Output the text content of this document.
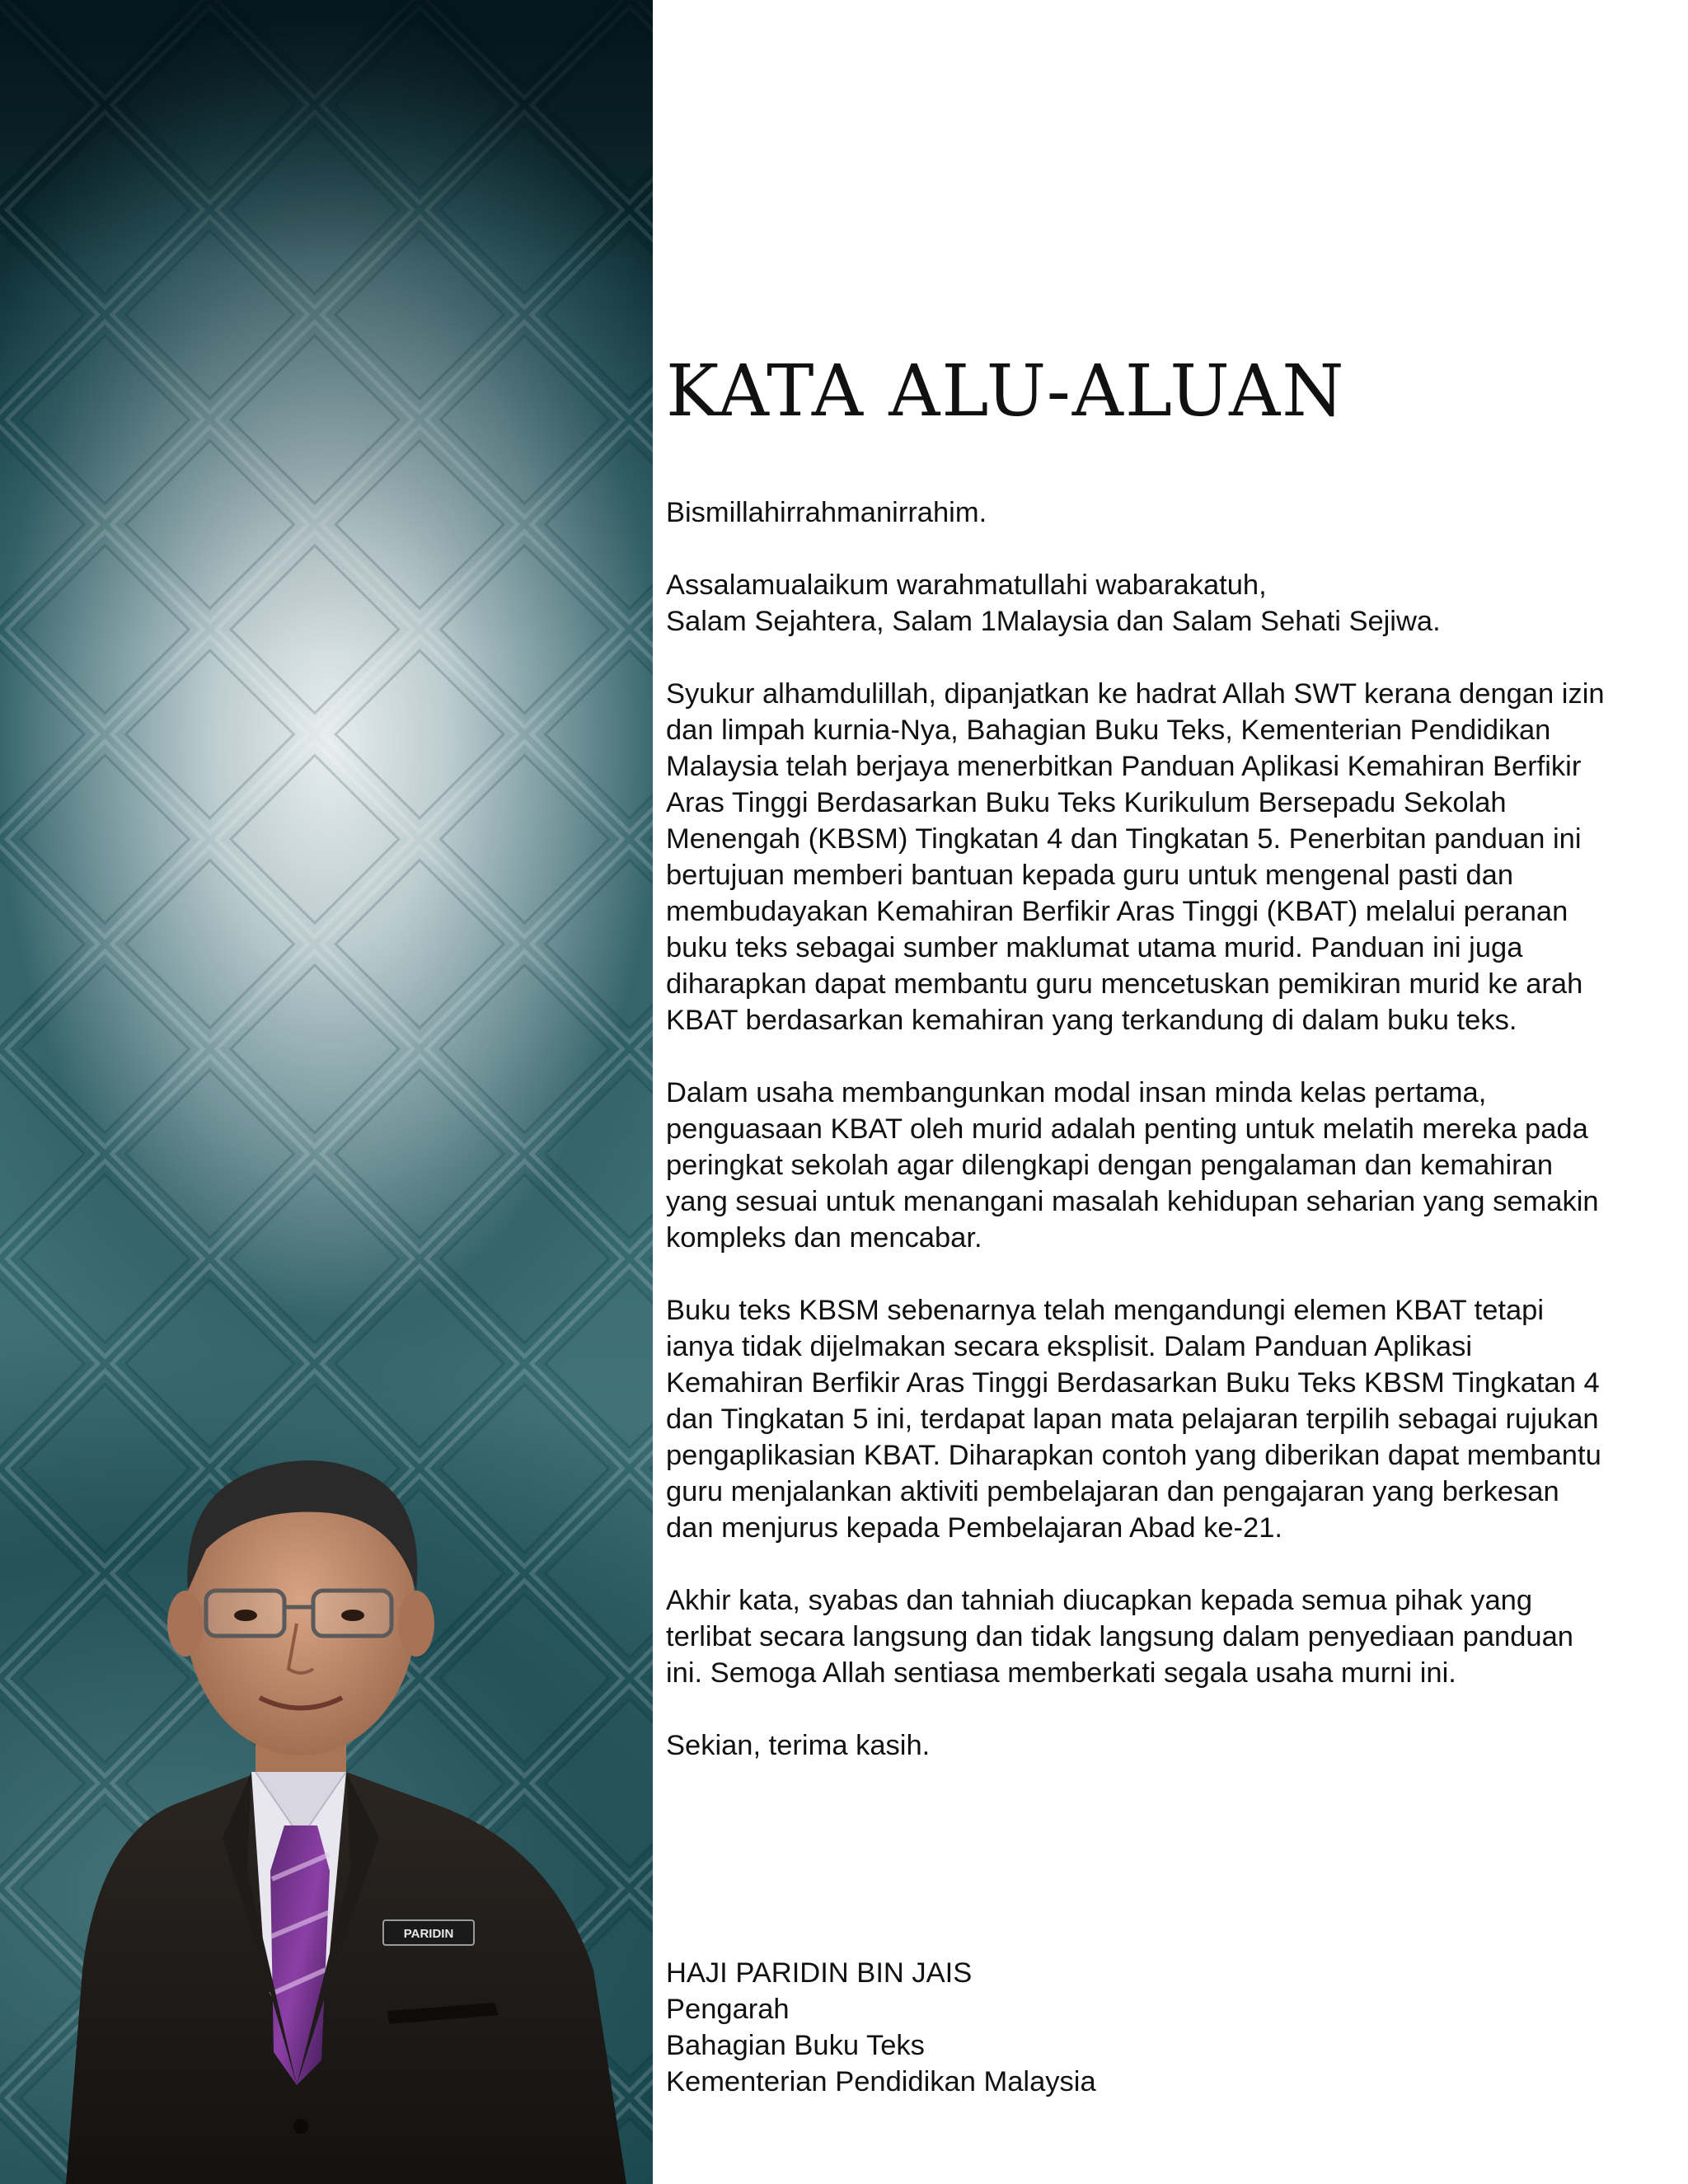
PARIDIN
KATA ALU-ALUAN

Bismillahirrahmanirrahim.

Assalamualaikum warahmatullahi wabarakatuh,

Salam Sejahtera, Salam 1Malaysia dan Salam Sehati Sejiwa.

Syukur alhamdulillah, dipanjatkan ke hadrat Allah SWT kerana dengan izin dan limpah kurnia-Nya, Bahagian Buku Teks, Kementerian Pendidikan Malaysia telah berjaya menerbitkan Panduan Aplikasi Kemahiran Berfikir Aras Tinggi Berdasarkan Buku Teks Kurikulum Bersepadu Sekolah Menengah (KBSM) Tingkatan 4 dan Tingkatan 5. Penerbitan panduan ini bertujuan memberi bantuan kepada guru untuk mengenal pasti dan membudayakan Kemahiran Berfikir Aras Tinggi (KBAT) melalui peranan buku teks sebagai sumber maklumat utama murid. Panduan ini juga diharapkan dapat membantu guru mencetuskan pemikiran murid ke arah KBAT berdasarkan kemahiran yang terkandung di dalam buku teks.

Dalam usaha membangunkan modal insan minda kelas pertama, penguasaan KBAT oleh murid adalah penting untuk melatih mereka pada peringkat sekolah agar dilengkapi dengan pengalaman dan kemahiran yang sesuai untuk menangani masalah kehidupan seharian yang semakin kompleks dan mencabar.

Buku teks KBSM sebenarnya telah mengandungi elemen KBAT tetapi ianya tidak dijelmakan secara eksplisit. Dalam Panduan Aplikasi Kemahiran Berfikir Aras Tinggi Berdasarkan Buku Teks KBSM Tingkatan 4 dan Tingkatan 5 ini, terdapat lapan mata pelajaran terpilih sebagai rujukan pengaplikasian KBAT. Diharapkan contoh yang diberikan dapat membantu guru menjalankan aktiviti pembelajaran dan pengajaran yang berkesan dan menjurus kepada Pembelajaran Abad ke-21.

Akhir kata, syabas dan tahniah diucapkan kepada semua pihak yang terlibat secara langsung dan tidak langsung dalam penyediaan panduan ini. Semoga Allah sentiasa memberkati segala usaha murni ini.

Sekian, terima kasih.

HAJI PARIDIN BIN JAIS
Pengarah
Bahagian Buku Teks
Kementerian Pendidikan Malaysia
